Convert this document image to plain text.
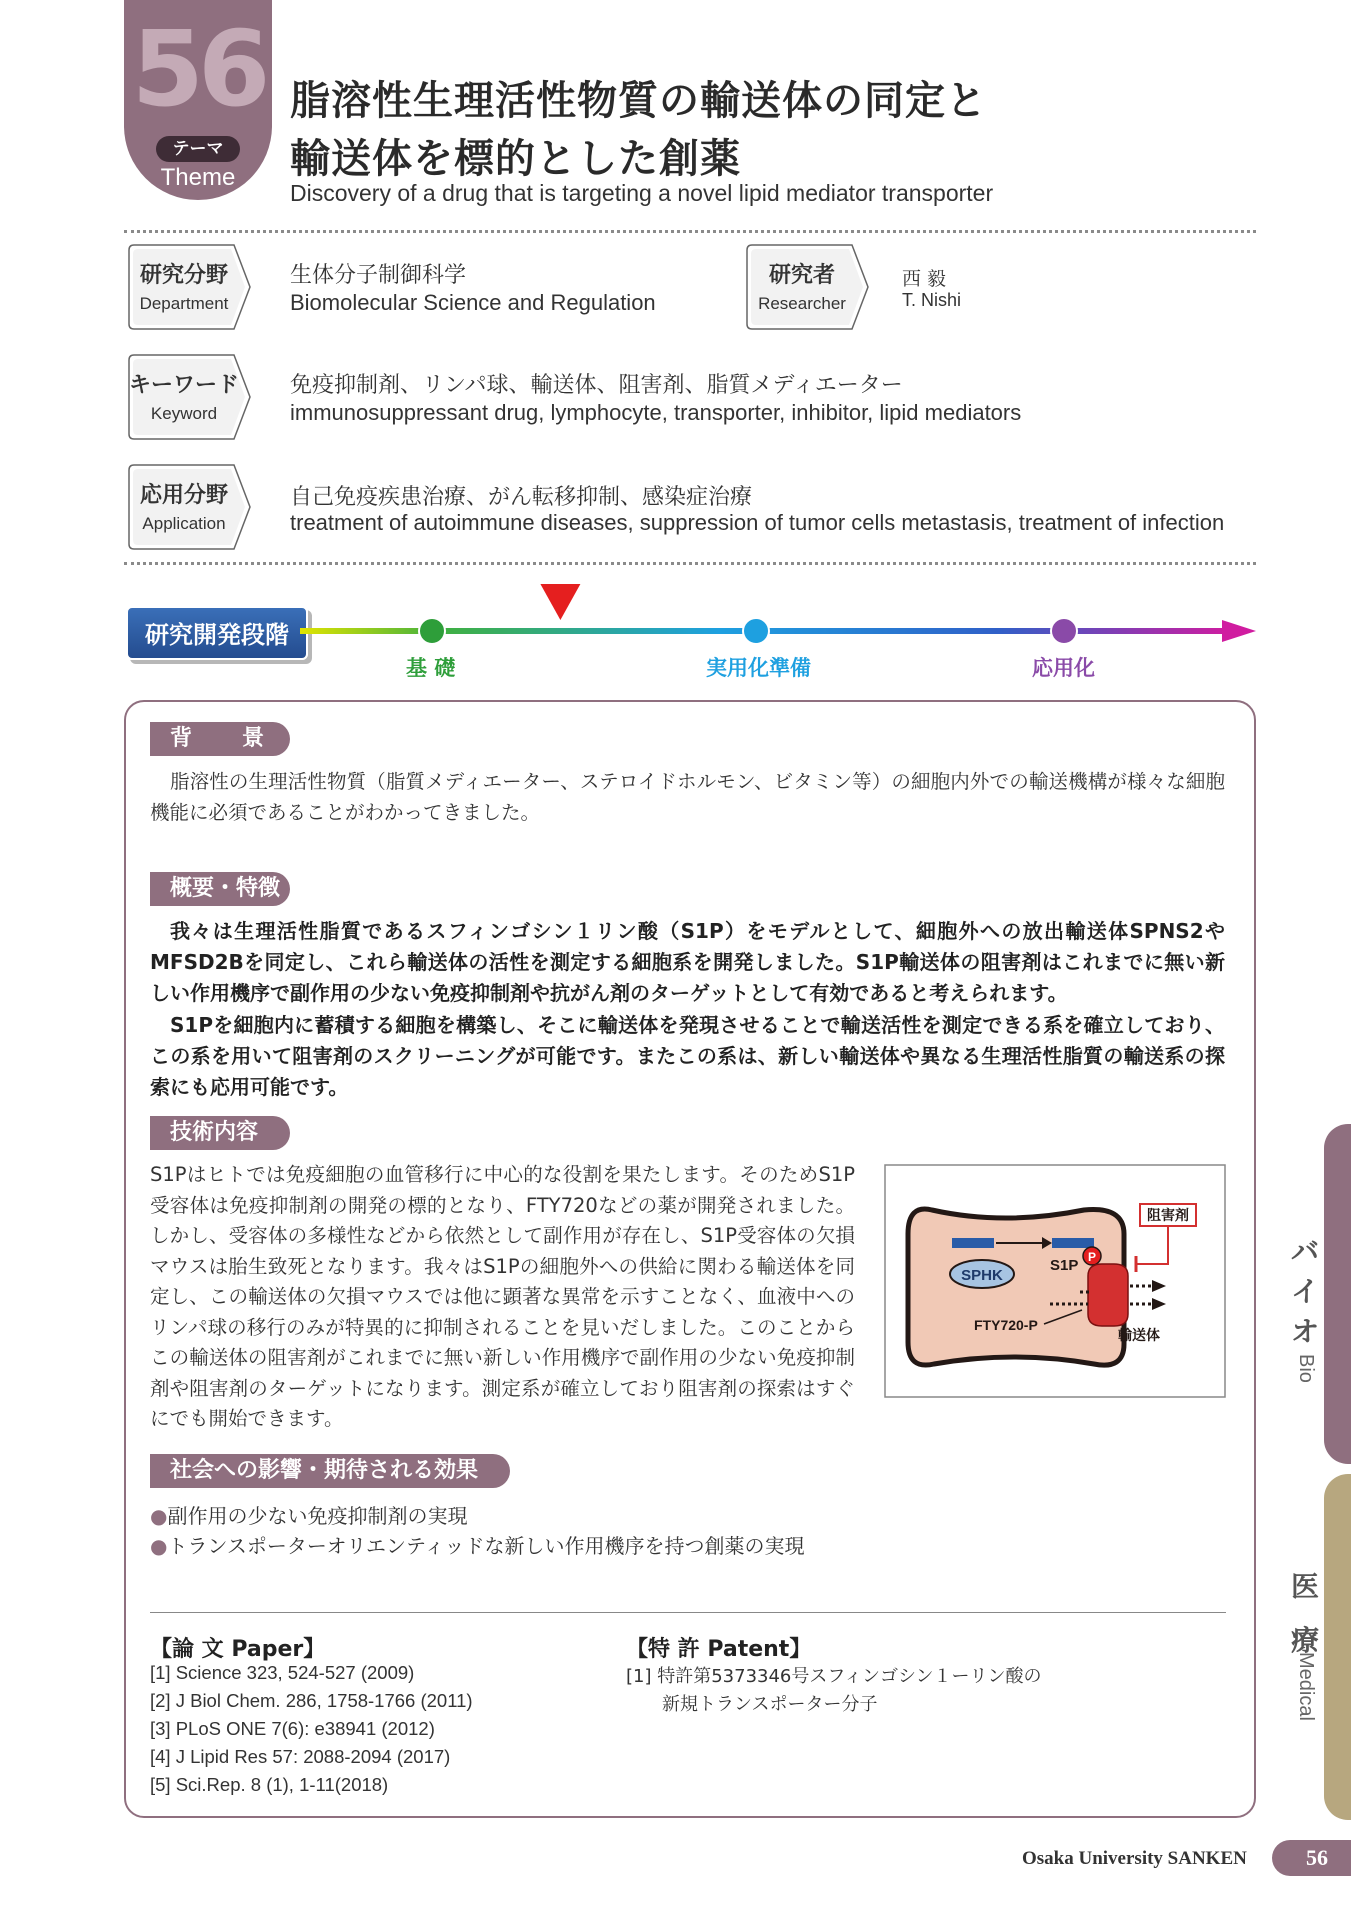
56
テーマ
Theme
脂溶性生理活性物質の輸送体の同定と
輸送体を標的とした創薬
Discovery of a drug that is targeting a novel lipid mediator transporter
研究分野
Department
生体分子制御科学
Biomolecular Science and Regulation
研究者
Researcher
西 毅
T. Nishi
キーワード
Keyword
免疫抑制剤、リンパ球、輸送体、阻害剤、脂質メディエーター
immunosuppressant drug, lymphocyte, transporter, inhibitor, lipid mediators
応用分野
Application
自己免疫疾患治療、がん転移抑制、感染症治療
treatment of autoimmune diseases, suppression of tumor cells metastasis, treatment of infection
研究開発段階
基 礎	実用化準備	応用化
背　　景
脂溶性の生理活性物質（脂質メディエーター、ステロイドホルモン、ビタミン等）の細胞内外での輸送機構が様々な細胞機能に必須であることがわかってきました。
概要・特徴
我々は生理活性脂質であるスフィンゴシン１リン酸（S1P）をモデルとして、細胞外への放出輸送体SPNS2やMFSD2Bを同定し、これら輸送体の活性を測定する細胞系を開発しました。S1P輸送体の阻害剤はこれまでに無い新しい作用機序で副作用の少ない免疫抑制剤や抗がん剤のターゲットとして有効であると考えられます。
S1Pを細胞内に蓄積する細胞を構築し、そこに輸送体を発現させることで輸送活性を測定できる系を確立しており、この系を用いて阻害剤のスクリーニングが可能です。またこの系は、新しい輸送体や異なる生理活性脂質の輸送系の探索にも応用可能です。
技術内容
S1Pはヒトでは免疫細胞の血管移行に中心的な役割を果たします。そのためS1P受容体は免疫抑制剤の開発の標的となり、FTY720などの薬が開発されました。しかし、受容体の多様性などから依然として副作用が存在し、S1P受容体の欠損マウスは胎生致死となります。我々はS1Pの細胞外への供給に関わる輸送体を同定し、この輸送体の欠損マウスでは他に顕著な異常を示すことなく、血液中へのリンパ球の移行のみが特異的に抑制されることを見いだしました。このことからこの輸送体の阻害剤がこれまでに無い新しい作用機序で副作用の少ない免疫抑制剤や阻害剤のターゲットになります。測定系が確立しており阻害剤の探索はすぐにでも開始できます。
SPHK
S1P P
FTY720-P
輸送体
阻害剤
社会への影響・期待される効果
●副作用の少ない免疫抑制剤の実現
●トランスポーターオリエンティッドな新しい作用機序を持つ創薬の実現
【論 文 Paper】
[1] Science 323, 524-527 (2009)
[2] J Biol Chem. 286, 1758-1766 (2011)
[3] PLoS ONE 7(6): e38941 (2012)
[4] J Lipid Res 57: 2088-2094 (2017)
[5] Sci.Rep. 8 (1), 1-11(2018)
【特 許 Patent】
[1] 特許第5373346号スフィンゴシン１ーリン酸の
新規トランスポーター分子
バ
イ
オ
Bio
医
療
Medical
Osaka University SANKEN	56
